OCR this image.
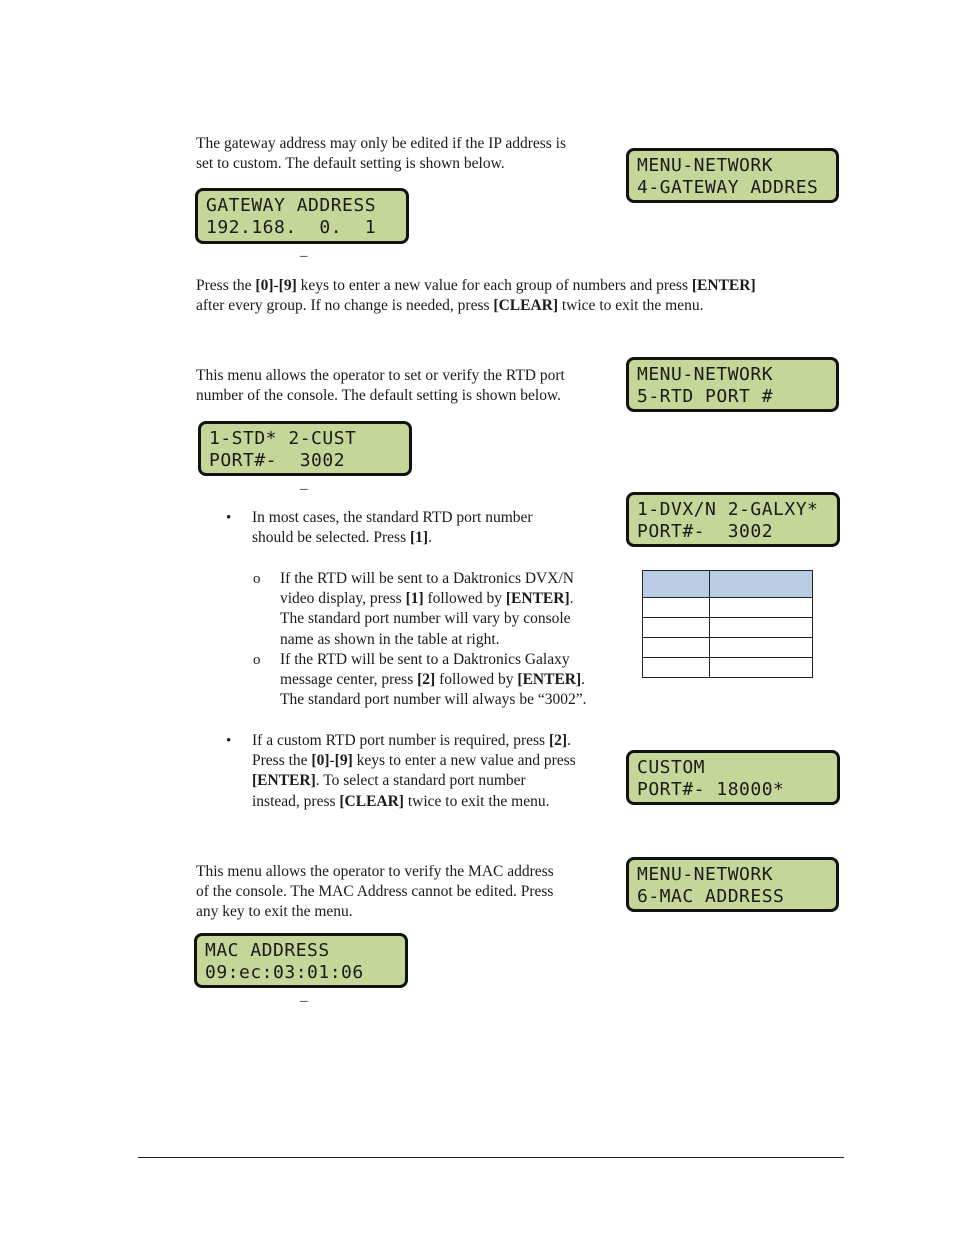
The gateway address may only be edited if the IP address is
set to custom. The default setting is shown below.	MENU-NETWORK
4-GATEWAY ADDRES
GATEWAY ADDRESS
192.168.  0.  1
–

Press the [0]-[9] keys to enter a new value for each group of numbers and press [ENTER]
after every group. If no change is needed, press [CLEAR] twice to exit the menu.

This menu allows the operator to set or verify the RTD port
number of the console. The default setting is shown below.

MENU-NETWORK
5-RTD PORT #
1-STD* 2-CUST
PORT#-  3002
–
1-DVX/N 2-GALXY*
PORT#-  3002
• In most cases, the standard RTD port number
should be selected. Press [1].

o If the RTD will be sent to a Daktronics DVX/N
video display, press [1] followed by [ENTER].
The standard port number will vary by console
name as shown in the table at right.

o If the RTD will be sent to a Daktronics Galaxy
message center, press [2] followed by [ENTER].
The standard port number will always be “3002”.

• If a custom RTD port number is required, press [2].
Press the [0]-[9] keys to enter a new value and press
[ENTER]. To select a standard port number
instead, press [CLEAR] twice to exit the menu.

CUSTOM
PORT#- 18000*

This menu allows the operator to verify the MAC address
of the console. The MAC Address cannot be edited. Press
any key to exit the menu.

MENU-NETWORK
6-MAC ADDRESS
MAC ADDRESS
09:ec:03:01:06
–
